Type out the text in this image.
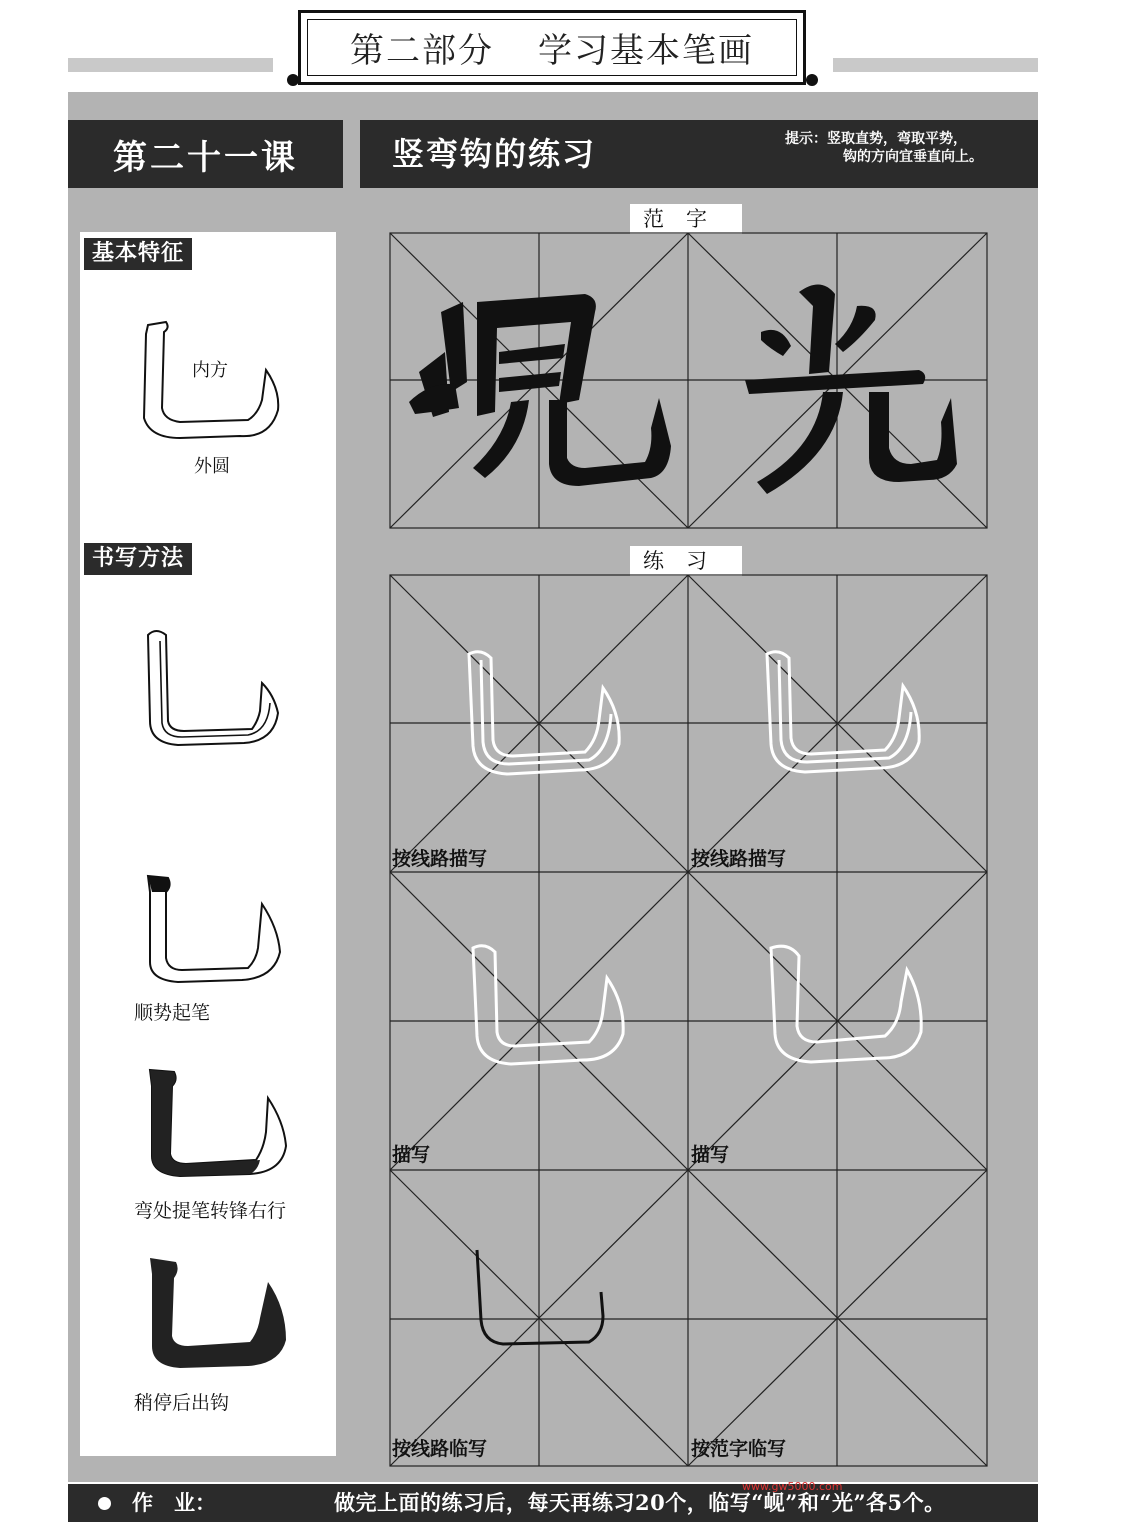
第二部分 学习基本笔画
第二十一课	竖弯钩的练习	提示：竖取直势，弯取平势，
钩的方向宜垂直向上。
基本特征
内方
外圆
书写方法
顺势起笔
弯处提笔转锋右行
稍停后出钩
范字
练习
按线路描写	按线路描写
描写	描写
按线路临写	按范字临写
作　业：	做完上面的练习后，每天再练习20个，临写“岘”和“光”各5个。
www.gw5000.com
